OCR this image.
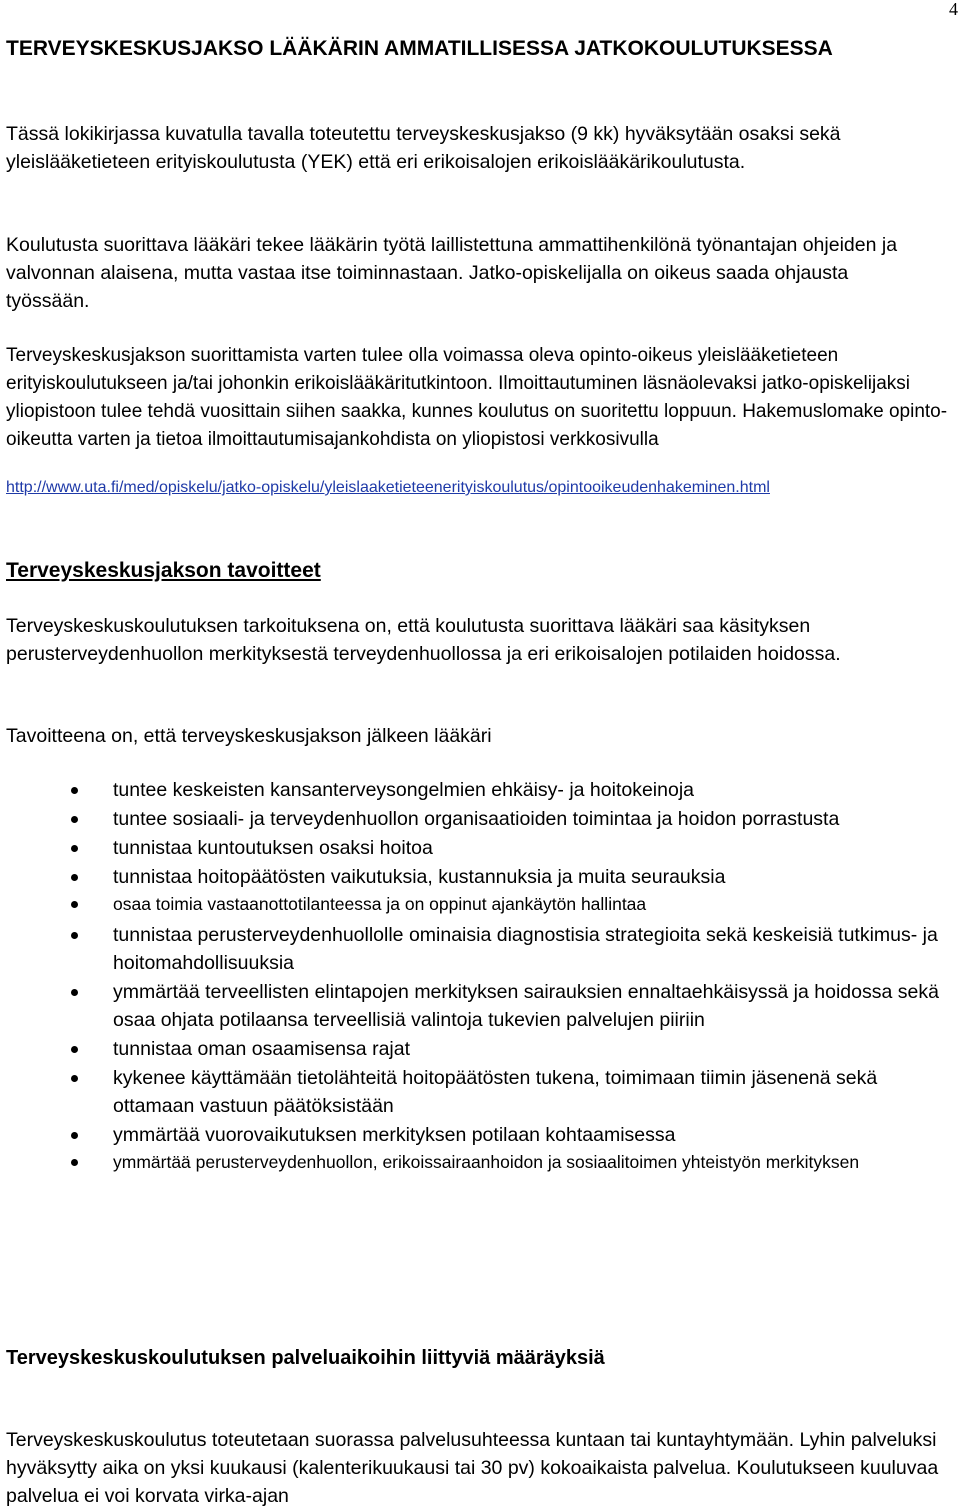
4
TERVEYSKESKUSJAKSO LÄÄKÄRIN AMMATILLISESSA JATKOKOULUTUKSESSA

Tässä lokikirjassa kuvatulla tavalla toteutettu terveyskeskusjakso (9 kk) hyväksytään osaksi sekä yleislääketieteen erityiskoulutusta (YEK) että eri erikoisalojen erikoislääkärikoulutusta.

Koulutusta suorittava lääkäri tekee lääkärin työtä laillistettuna ammattihenkilönä työnantajan ohjeiden ja valvonnan alaisena, mutta vastaa itse toiminnastaan. Jatko-opiskelijalla on oikeus saada ohjausta työssään.

Terveyskeskusjakson suorittamista varten tulee olla voimassa oleva opinto-oikeus yleislääketieteen erityiskoulutukseen ja/tai johonkin erikoislääkäritutkintoon. Ilmoittautuminen läsnäolevaksi jatko-opiskelijaksi yliopistoon tulee tehdä vuosittain siihen saakka, kunnes koulutus on suoritettu loppuun. Hakemuslomake opinto-oikeutta varten ja tietoa ilmoittautumisajankohdista on yliopistosi verkkosivulla

http://www.uta.fi/med/opiskelu/jatko-opiskelu/yleislaaketieteenerityiskoulutus/opintooikeudenhakeminen.html
Terveyskeskusjakson tavoitteet

Terveyskeskuskoulutuksen tarkoituksena on, että koulutusta suorittava lääkäri saa käsityksen perusterveydenhuollon merkityksestä terveydenhuollossa ja eri erikoisalojen potilaiden hoidossa.

Tavoitteena on, että terveyskeskusjakson jälkeen lääkäri

tuntee keskeisten kansanterveysongelmien ehkäisy- ja hoitokeinoja
tuntee sosiaali- ja terveydenhuollon organisaatioiden toimintaa ja hoidon porrastusta
tunnistaa kuntoutuksen osaksi hoitoa
tunnistaa hoitopäätösten vaikutuksia, kustannuksia ja muita seurauksia
osaa toimia vastaanottotilanteessa ja on oppinut ajankäytön hallintaa
tunnistaa perusterveydenhuollolle ominaisia diagnostisia strategioita sekä keskeisiä tutkimus- ja hoitomahdollisuuksia
ymmärtää terveellisten elintapojen merkityksen sairauksien ennaltaehkäisyssä ja hoidossa sekä osaa ohjata potilaansa terveellisiä valintoja tukevien palvelujen piiriin
tunnistaa oman osaamisensa rajat
kykenee käyttämään tietolähteitä hoitopäätösten tukena, toimimaan tiimin jäsenenä sekä ottamaan vastuun päätöksistään
ymmärtää vuorovaikutuksen merkityksen potilaan kohtaamisessa
ymmärtää perusterveydenhuollon, erikoissairaanhoidon ja sosiaalitoimen yhteistyön merkityksen
Terveyskeskuskoulutuksen palveluaikoihin liittyviä määräyksiä

Terveyskeskuskoulutus toteutetaan suorassa palvelusuhteessa kuntaan tai kuntayhtymään. Lyhin palveluksi hyväksytty aika on yksi kuukausi (kalenterikuukausi tai 30 pv) kokoaikaista palvelua. Koulutukseen kuuluvaa palvelua ei voi korvata virka-ajan
